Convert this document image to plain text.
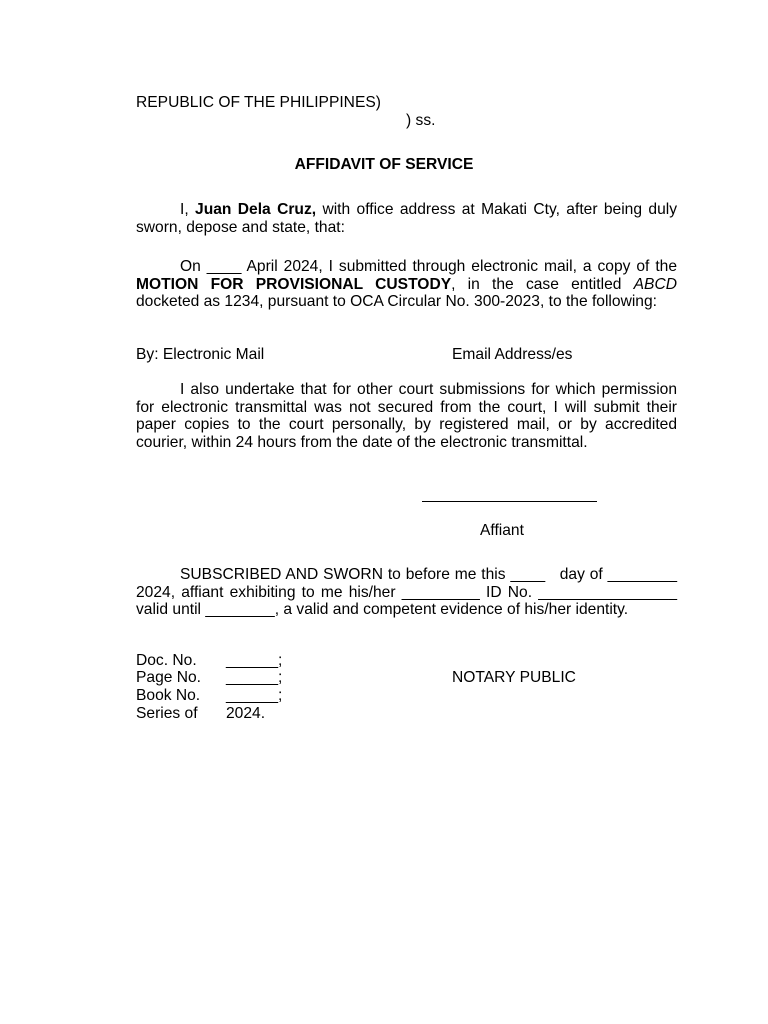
REPUBLIC OF THE PHILIPPINES)
) ss.
AFFIDAVIT OF SERVICE

I, Juan Dela Cruz, with office address at Makati Cty, after being duly sworn, depose and state, that:

On ____ April 2024, I submitted through electronic mail, a copy of the MOTION FOR PROVISIONAL CUSTODY, in the case entitled ABCD docketed as 1234, pursuant to OCA Circular No. 300-2023, to the following:

By: Electronic Mail	Email Address/es

I also undertake that for other court submissions for which permission for electronic transmittal was not secured from the court, I will submit their paper copies to the court personally, by registered mail, or by accredited courier, within 24 hours from the date of the electronic transmittal.

Affiant

SUBSCRIBED AND SWORN to before me this ____   day of ________ 2024, affiant exhibiting to me his/her _________ ID No. ________________ valid until ________, a valid and competent evidence of his/her identity.

Doc. No. ______;
Page No. ______;
Book No. ______;
Series of 2024.
NOTARY PUBLIC
